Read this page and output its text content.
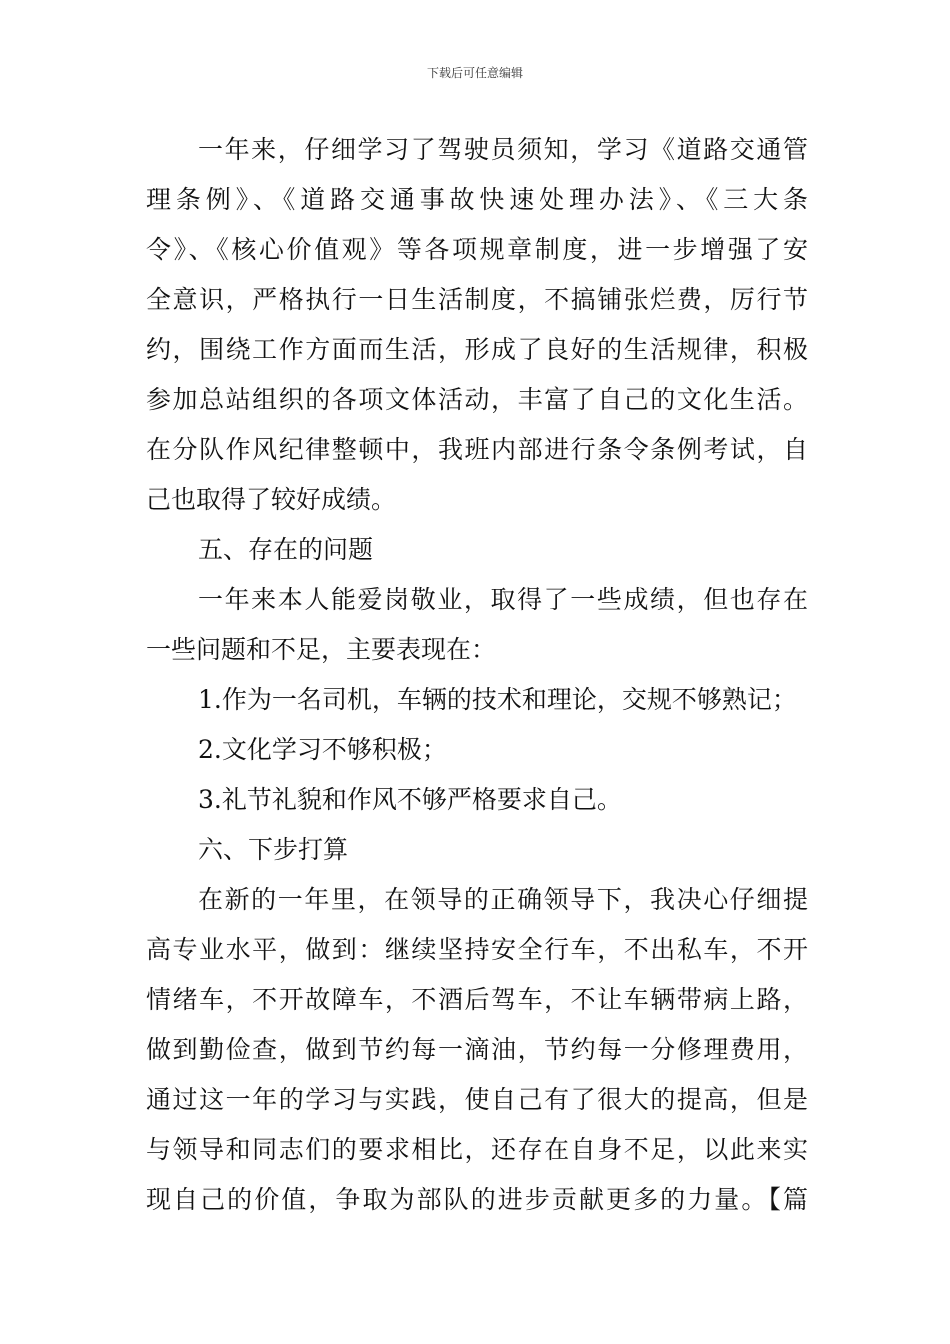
下载后可任意编辑
一年来，仔细学习了驾驶员须知，学习《道路交通管
理条例》、《道路交通事故快速处理办法》、《三大条
令》、《核心价值观》等各项规章制度，进一步增强了安
全意识，严格执行一日生活制度，不搞铺张烂费，厉行节
约，围绕工作方面而生活，形成了良好的生活规律，积极
参加总站组织的各项文体活动，丰富了自己的文化生活。
在分队作风纪律整顿中，我班内部进行条令条例考试，自
己也取得了较好成绩。
五、存在的问题
一年来本人能爱岗敬业，取得了一些成绩，但也存在
一些问题和不足，主要表现在：
1.作为一名司机，车辆的技术和理论，交规不够熟记；
2.文化学习不够积极；
3.礼节礼貌和作风不够严格要求自己。
六、下步打算
在新的一年里，在领导的正确领导下，我决心仔细提
高专业水平，做到：继续坚持安全行车，不出私车，不开
情绪车，不开故障车，不酒后驾车，不让车辆带病上路，
做到勤俭查，做到节约每一滴油，节约每一分修理费用，
通过这一年的学习与实践，使自己有了很大的提高，但是
与领导和同志们的要求相比，还存在自身不足，以此来实
现自己的价值，争取为部队的进步贡献更多的力量。【篇
